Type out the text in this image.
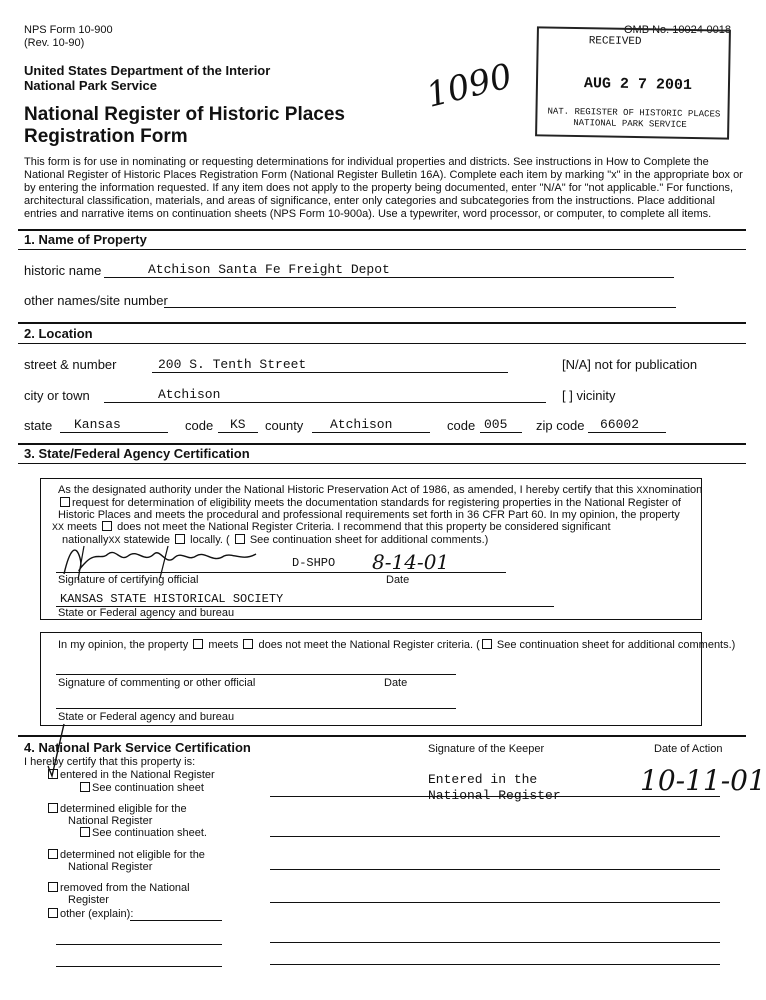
NPS Form 10-900
(Rev. 10-90)
OMB No. 10024-0018
United States Department of the Interior
National Park Service
National Register of Historic Places
Registration Form
1090
RECEIVED
AUG 2 7 2001
NAT. REGISTER OF HISTORIC PLACES
NATIONAL PARK SERVICE
This form is for use in nominating or requesting determinations for individual properties and districts. See instructions in How to Complete the
National Register of Historic Places Registration Form (National Register Bulletin 16A). Complete each item by marking "x" in the appropriate box or
by entering the information requested. If any item does not apply to the property being documented, enter "N/A" for "not applicable." For functions,
architectural classification, materials, and areas of significance, enter only categories and subcategories from the instructions. Place additional
entries and narrative items on continuation sheets (NPS Form 10-900a). Use a typewriter, word processor, or computer, to complete all items.
1. Name of Property
historic name	Atchison Santa Fe Freight Depot
other names/site number
2. Location
street & number	200 S. Tenth Street	[N/A] not for publication
city or town	Atchison	[ ] vicinity
state Kansas	code KS county Atchison	code 005 zip code 66002
3. State/Federal Agency Certification
As the designated authority under the National Historic Preservation Act of 1986, as amended, I hereby certify that this XXnomination
request for determination of eligibility meets the documentation standards for registering properties in the National Register of
Historic Places and meets the procedural and professional requirements set forth in 36 CFR Part 60. In my opinion, the property
XX meets does not meet the National Register Criteria. I recommend that this property be considered significant
nationallyXX statewide locally. ( See continuation sheet for additional comments.)
D-SHPO 8-14-01
Signature of certifying official	Date
KANSAS STATE HISTORICAL SOCIETY
State or Federal agency and bureau
In my opinion, the property meets does not meet the National Register criteria. ( See continuation sheet for additional comments.)
Signature of commenting or other official	Date
State or Federal agency and bureau
4. National Park Service Certification	Signature of the Keeper	Date of Action
I hereby certify that this property is:
entered in the National Register
See continuation sheet
determined eligible for the
National Register
See continuation sheet.
determined not eligible for the
National Register
removed from the National
Register
other (explain):
Entered in the
National Register	10-11-01
